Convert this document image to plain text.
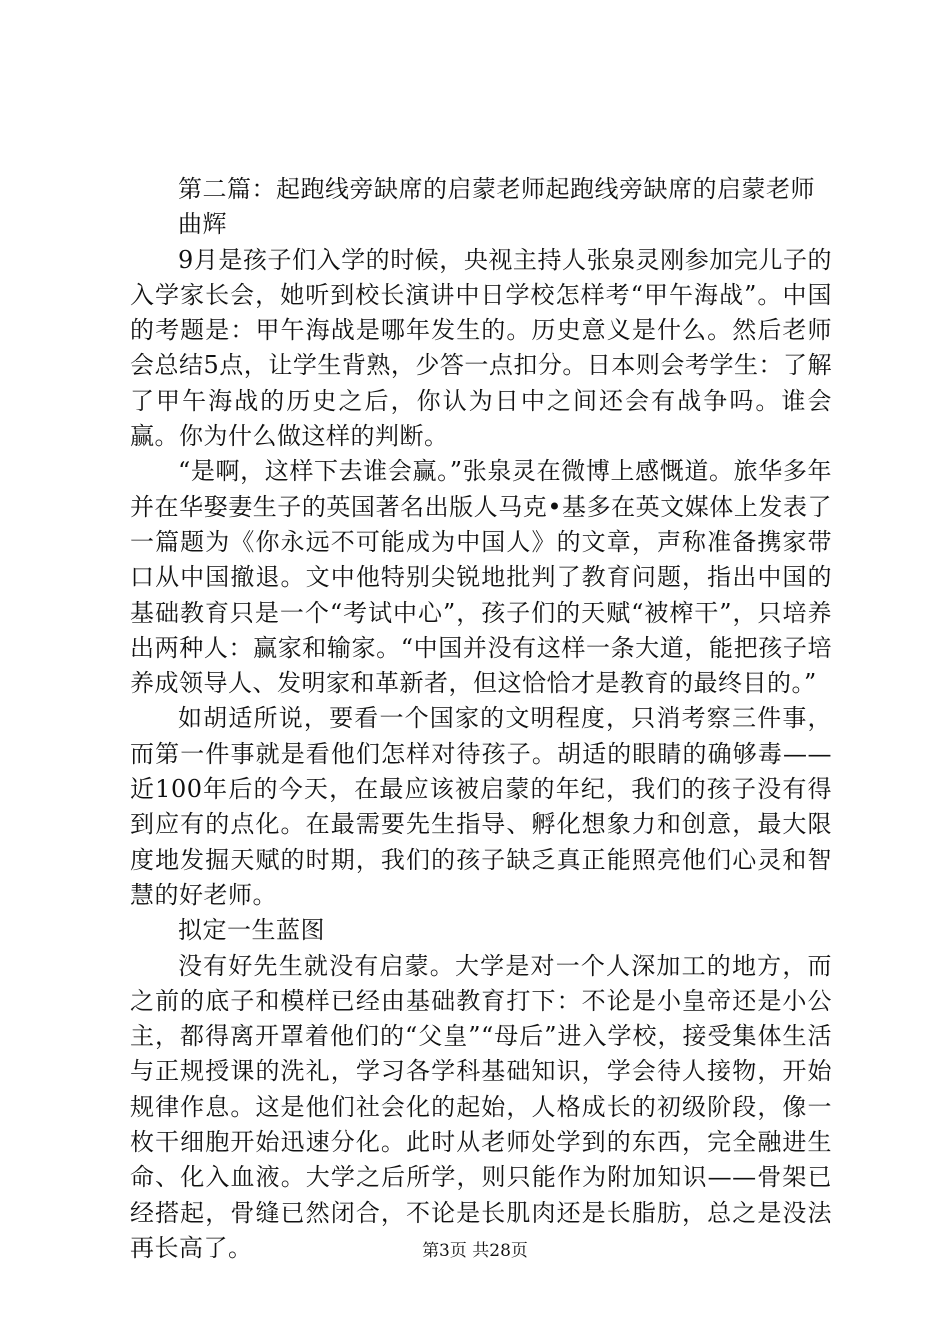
第二篇：起跑线旁缺席的启蒙老师起跑线旁缺席的启蒙老师

曲辉

9月是孩子们入学的时候，央视主持人张泉灵刚参加完儿子的入学家长会，她听到校长演讲中日学校怎样考“甲午海战”。中国的考题是：甲午海战是哪年发生的。历史意义是什么。然后老师会总结5点，让学生背熟，少答一点扣分。日本则会考学生：了解了甲午海战的历史之后，你认为日中之间还会有战争吗。谁会赢。你为什么做这样的判断。

“是啊，这样下去谁会赢。”张泉灵在微博上感慨道。旅华多年并在华娶妻生子的英国著名出版人马克•基多在英文媒体上发表了一篇题为《你永远不可能成为中国人》的文章，声称准备携家带口从中国撤退。文中他特别尖锐地批判了教育问题，指出中国的基础教育只是一个“考试中心”，孩子们的天赋“被榨干”，只培养出两种人：赢家和输家。“中国并没有这样一条大道，能把孩子培养成领导人、发明家和革新者，但这恰恰才是教育的最终目的。”

如胡适所说，要看一个国家的文明程度，只消考察三件事，而第一件事就是看他们怎样对待孩子。胡适的眼睛的确够毒——近100年后的今天，在最应该被启蒙的年纪，我们的孩子没有得到应有的点化。在最需要先生指导、孵化想象力和创意，最大限度地发掘天赋的时期，我们的孩子缺乏真正能照亮他们心灵和智慧的好老师。

拟定一生蓝图

没有好先生就没有启蒙。大学是对一个人深加工的地方，而之前的底子和模样已经由基础教育打下：不论是小皇帝还是小公主，都得离开罩着他们的“父皇”“母后”进入学校，接受集体生活与正规授课的洗礼，学习各学科基础知识，学会待人接物，开始规律作息。这是他们社会化的起始，人格成长的初级阶段，像一枚干细胞开始迅速分化。此时从老师处学到的东西，完全融进生命、化入血液。大学之后所学，则只能作为附加知识——骨架已经搭起，骨缝已然闭合，不论是长肌肉还是长脂肪，总之是没法再长高了。	第3页 共28页
